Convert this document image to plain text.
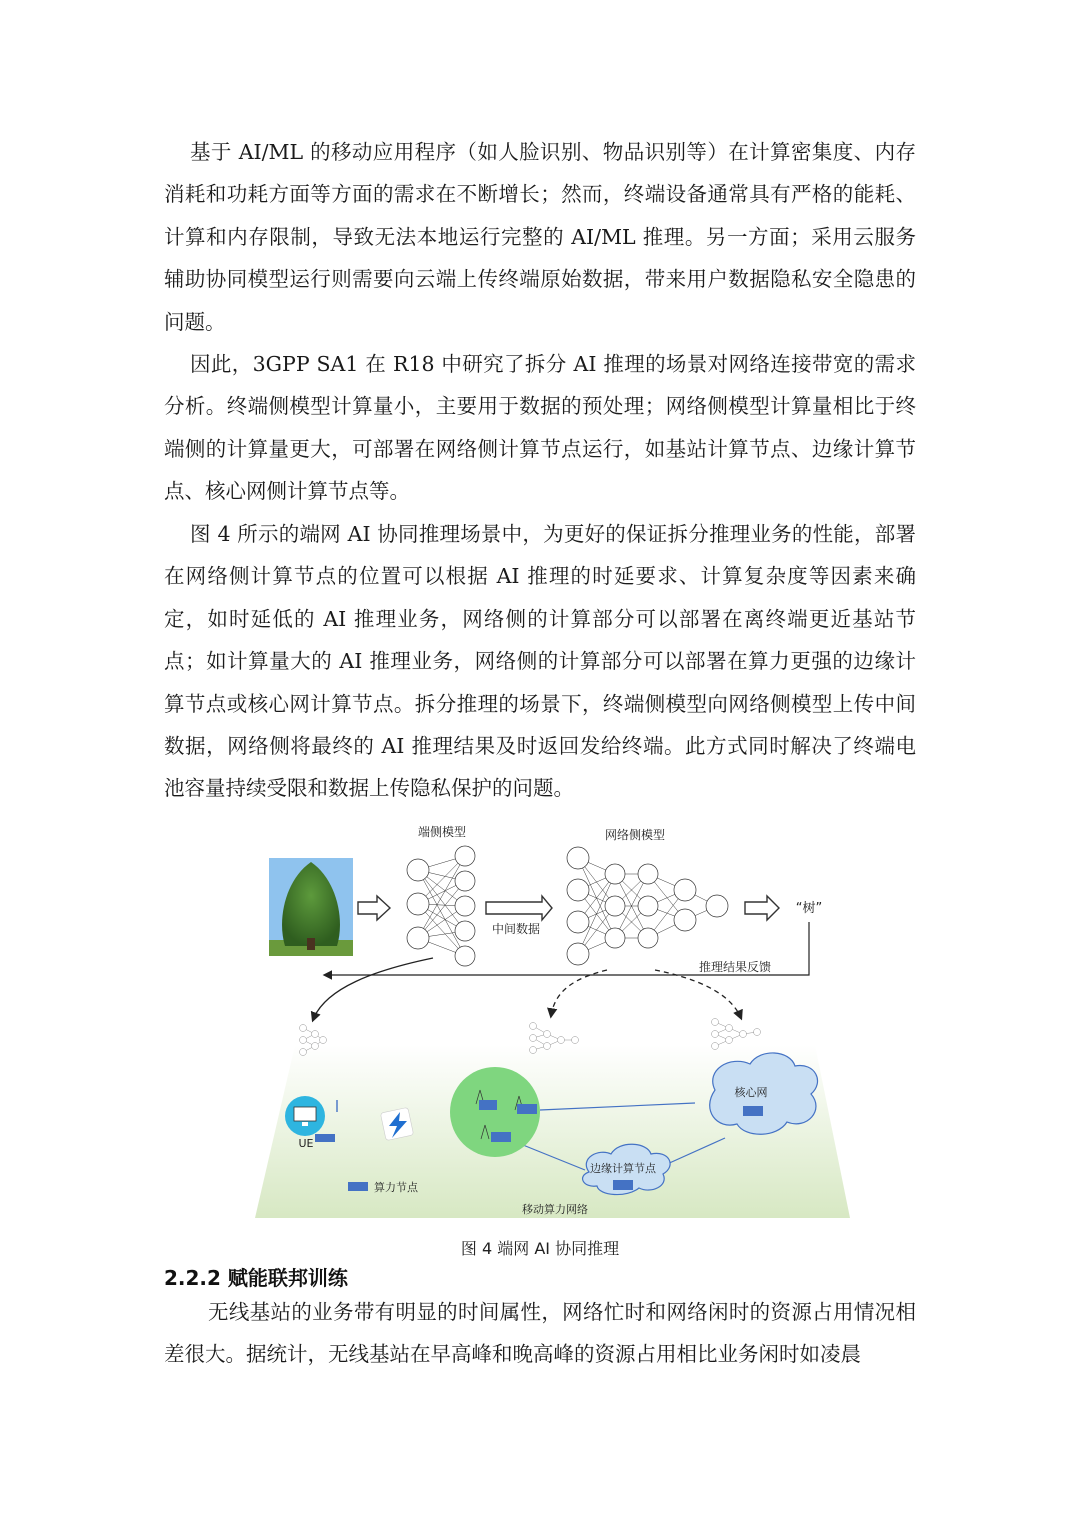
基于 AI/ML 的移动应用程序（如人脸识别、物品识别等）在计算密集度、内存消耗和功耗方面等方面的需求在不断增长；然而，终端设备通常具有严格的能耗、计算和内存限制，导致无法本地运行完整的 AI/ML 推理。另一方面；采用云服务辅助协同模型运行则需要向云端上传终端原始数据，带来用户数据隐私安全隐患的问题。

因此，3GPP SA1 在 R18 中研究了拆分 AI 推理的场景对网络连接带宽的需求分析。终端侧模型计算量小，主要用于数据的预处理；网络侧模型计算量相比于终端侧的计算量更大，可部署在网络侧计算节点运行，如基站计算节点、边缘计算节点、核心网侧计算节点等。

图 4 所示的端网 AI 协同推理场景中，为更好的保证拆分推理业务的性能，部署在网络侧计算节点的位置可以根据 AI 推理的时延要求、计算复杂度等因素来确定，如时延低的 AI 推理业务，网络侧的计算部分可以部署在离终端更近基站节点；如计算量大的 AI 推理业务，网络侧的计算部分可以部署在算力更强的边缘计算节点或核心网计算节点。拆分推理的场景下，终端侧模型向网络侧模型上传中间数据，网络侧将最终的 AI 推理结果及时返回发给终端。此方式同时解决了终端电池容量持续受限和数据上传隐私保护的问题。

端侧模型
中间数据
网络侧模型
“树”
推理结果反馈
UE
核心网
边缘计算节点
算力节点
移动算力网络
图 4 端网 AI 协同推理
2.2.2 赋能联邦训练

无线基站的业务带有明显的时间属性，网络忙时和网络闲时的资源占用情况相差很大。据统计，无线基站在早高峰和晚高峰的资源占用相比业务闲时如凌晨
